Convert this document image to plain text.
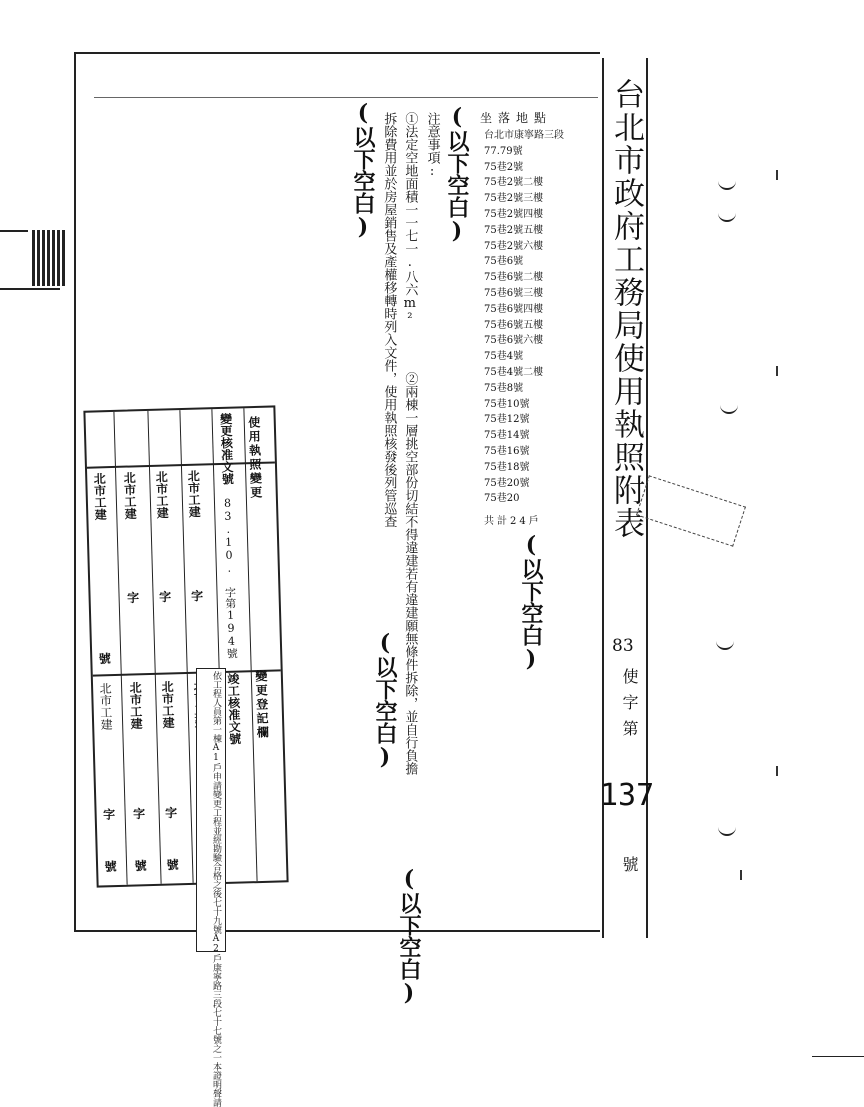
台北市政府工務局使用執照附表
83
使字第
137
號
坐落地點
台北市康寧路三段
77.79號
75巷2號
75巷2號二樓
75巷2號三樓
75巷2號四樓
75巷2號五樓
75巷2號六樓
75巷6號
75巷6號二樓
75巷6號三樓
75巷6號四樓
75巷6號五樓
75巷6號六樓
75巷4號
75巷4號二樓
75巷8號
75巷10號
75巷12號
75巷14號
75巷16號
75巷18號
75巷20號
75巷20
共計24戶
(以下空白)
(以下空白)
(以下空白)
(以下空白)
(以下空白)
注意事項:
①法定空地面積一一七一.八六m²
②兩棟一層挑空部份切結不得違建若有違建願無條件拆除，並自行負擔
拆除費用並於房屋銷售及產權移轉時列入文件，使用執照核發後列管巡查
使用執照變更
變更登記欄
變更核准文號
竣工核准文號
北市工建
北市工建
北市工建
北市工建
北市工建
北市工建
北市工建
字
字
字
號
字
字
字
號
號
號
83.10.
字第194號
依工程人員第一棟A1戶申請變更工程並經勘驗合格之後七十九號A2戶康寧路三段七十七號之一本證明聲請
